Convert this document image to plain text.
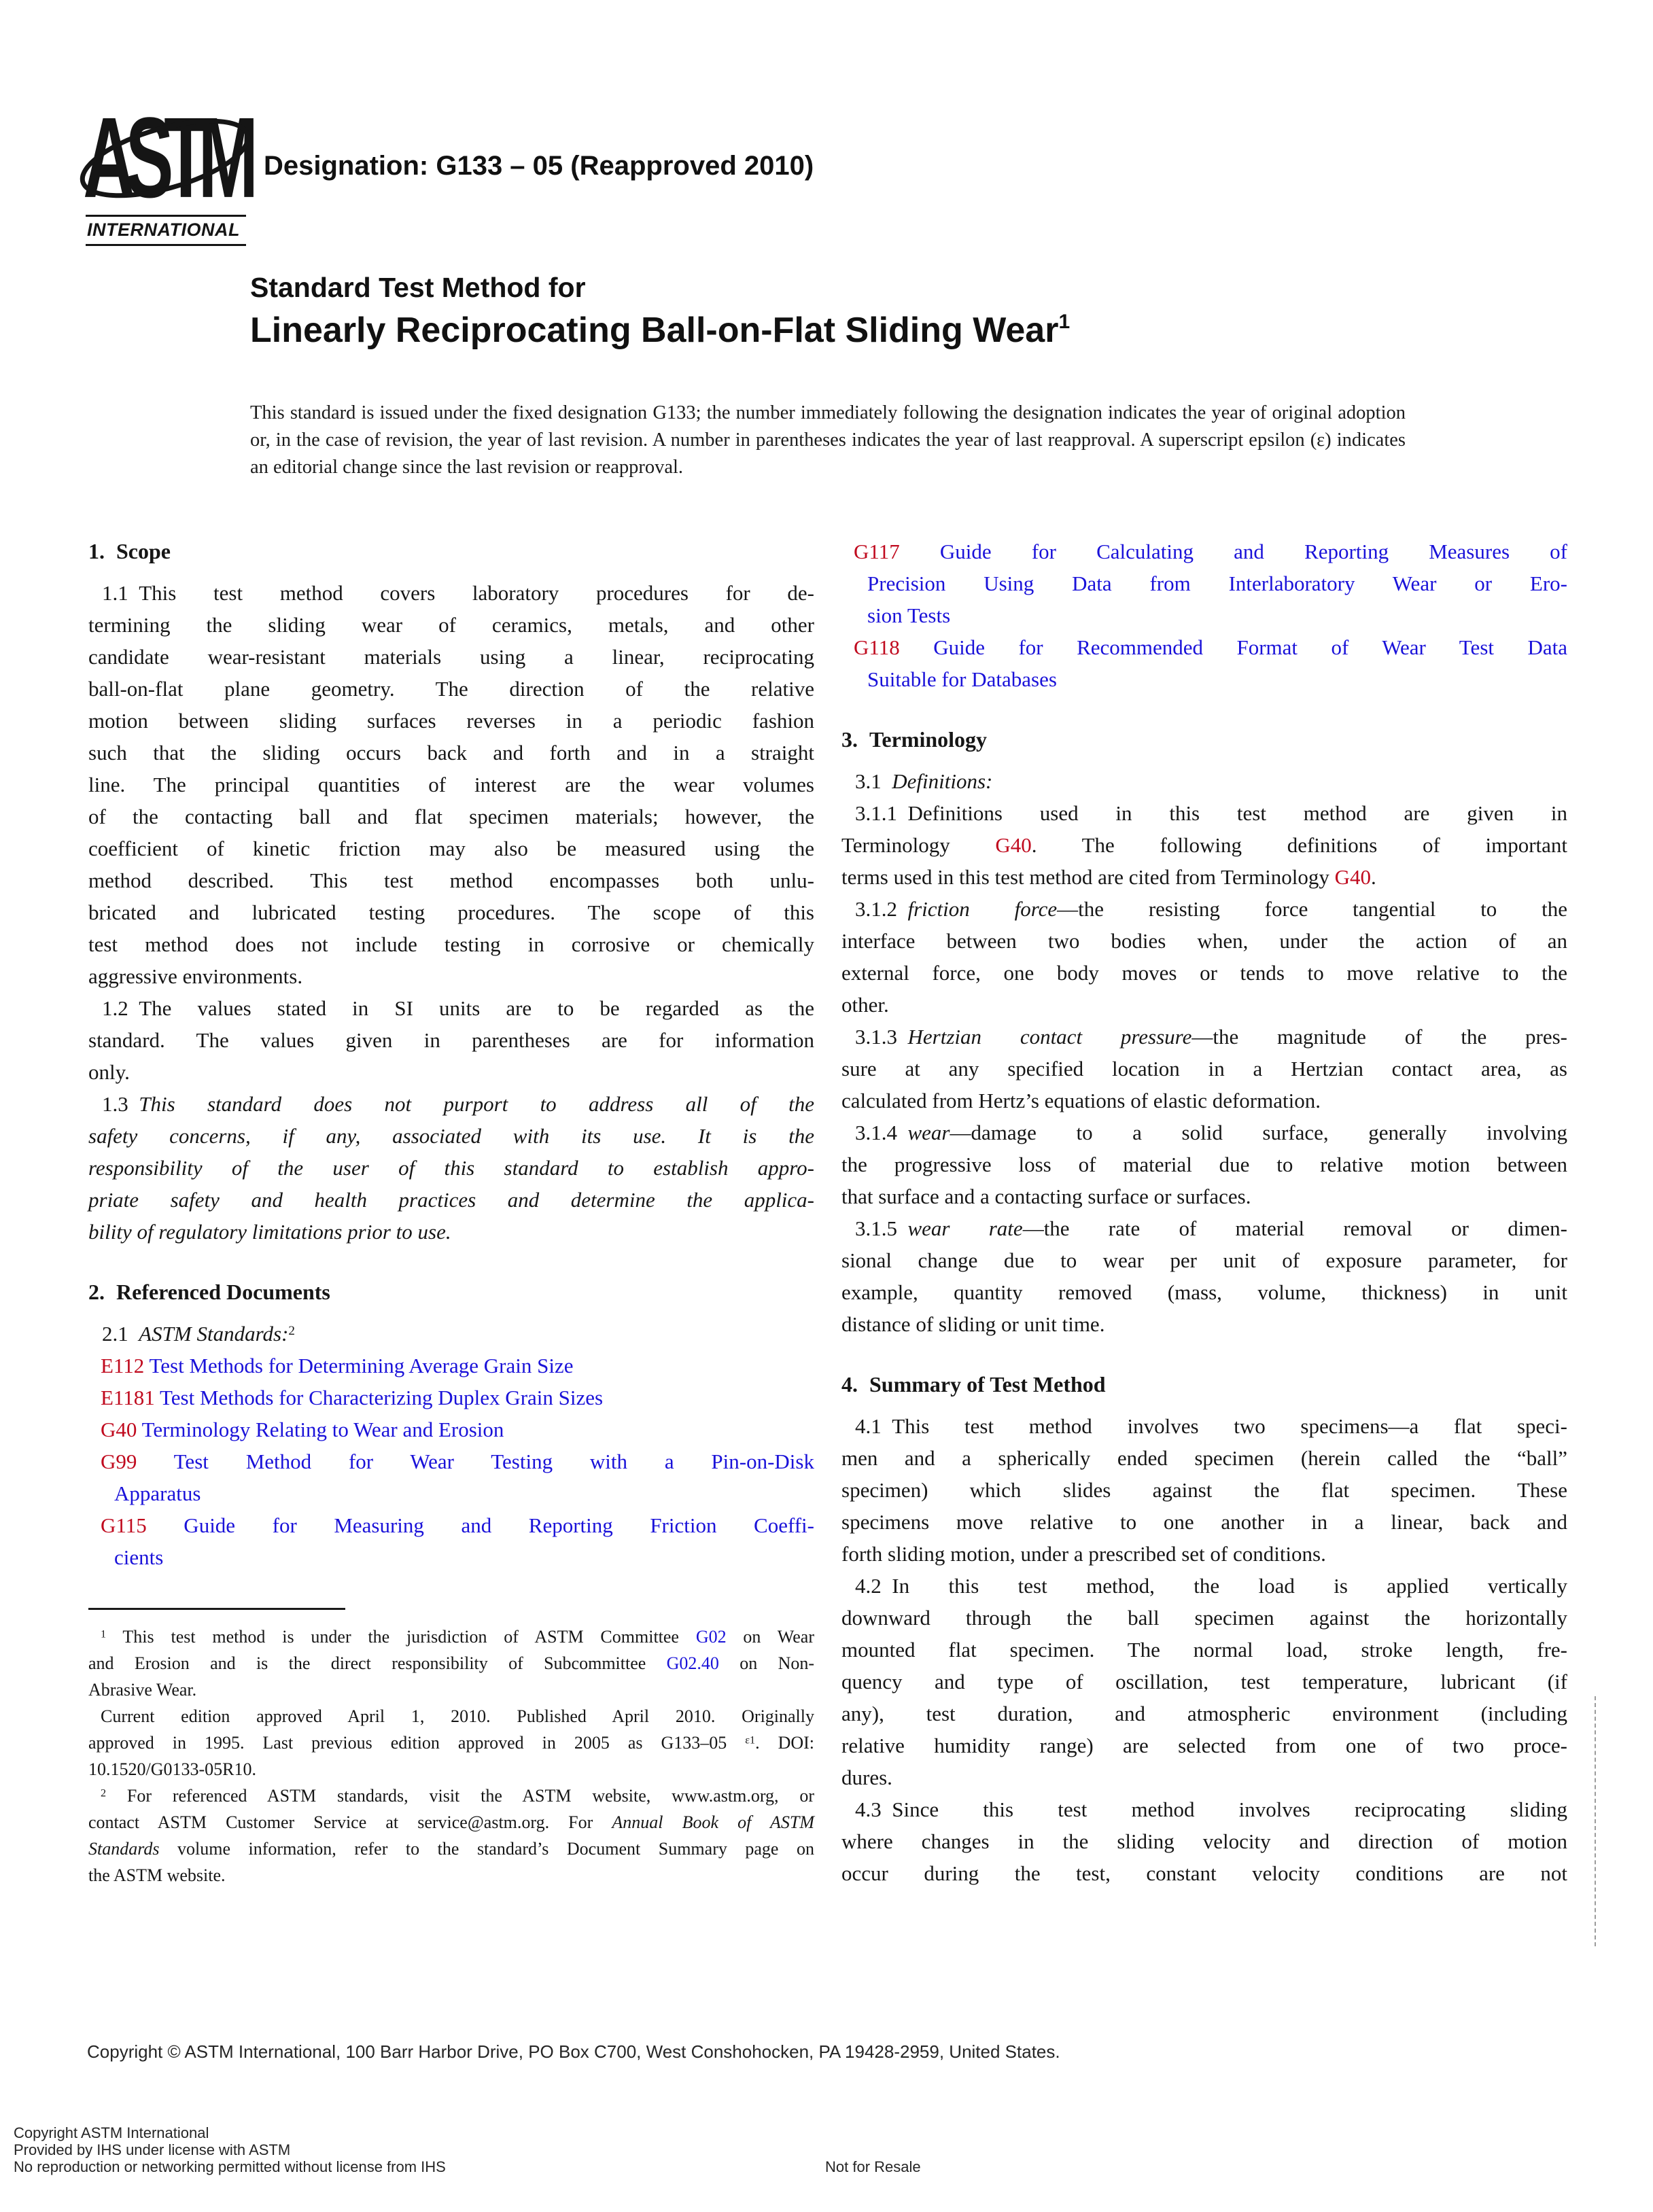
ASTM
INTERNATIONAL
Designation: G133 – 05 (Reapproved 2010)
Standard Test Method for
Linearly Reciprocating Ball-on-Flat Sliding Wear$^1$

This standard is issued under the fixed designation G133; the number immediately following the designation indicates the year of original adoption or, in the case of revision, the year of last revision. A number in parentheses indicates the year of last reapproval. A superscript epsilon (ε) indicates an editorial change since the last revision or reapproval.

1. Scope
1.1 This test method covers laboratory procedures for de-
termining the sliding wear of ceramics, metals, and other
candidate wear-resistant materials using a linear, reciprocating
ball-on-flat plane geometry. The direction of the relative
motion between sliding surfaces reverses in a periodic fashion
such that the sliding occurs back and forth and in a straight
line. The principal quantities of interest are the wear volumes
of the contacting ball and flat specimen materials; however, the
coefficient of kinetic friction may also be measured using the
method described. This test method encompasses both unlu-
bricated and lubricated testing procedures. The scope of this
test method does not include testing in corrosive or chemically
aggressive environments.
1.2 The values stated in SI units are to be regarded as the
standard. The values given in parentheses are for information
only.
1.3 This standard does not purport to address all of the
safety concerns, if any, associated with its use. It is the
responsibility of the user of this standard to establish appro-
priate safety and health practices and determine the applica-
bility of regulatory limitations prior to use.
2. Referenced Documents
2.1 ASTM Standards:$^2$
E112 Test Methods for Determining Average Grain Size
E1181 Test Methods for Characterizing Duplex Grain Sizes
G40 Terminology Relating to Wear and Erosion
G99 Test Method for Wear Testing with a Pin-on-Disk
Apparatus
G115 Guide for Measuring and Reporting Friction Coeffi-
cients
G117 Guide for Calculating and Reporting Measures of
Precision Using Data from Interlaboratory Wear or Ero-
sion Tests
G118 Guide for Recommended Format of Wear Test Data
Suitable for Databases
3. Terminology
3.1 Definitions:
3.1.1 Definitions used in this test method are given in
Terminology G40. The following definitions of important
terms used in this test method are cited from Terminology G40.
3.1.2 friction force—the resisting force tangential to the
interface between two bodies when, under the action of an
external force, one body moves or tends to move relative to the
other.
3.1.3 Hertzian contact pressure—the magnitude of the pres-
sure at any specified location in a Hertzian contact area, as
calculated from Hertz’s equations of elastic deformation.
3.1.4 wear—damage to a solid surface, generally involving
the progressive loss of material due to relative motion between
that surface and a contacting surface or surfaces.
3.1.5 wear rate—the rate of material removal or dimen-
sional change due to wear per unit of exposure parameter, for
example, quantity removed (mass, volume, thickness) in unit
distance of sliding or unit time.
4. Summary of Test Method
4.1 This test method involves two specimens—a flat speci-
men and a spherically ended specimen (herein called the “ball”
specimen) which slides against the flat specimen. These
specimens move relative to one another in a linear, back and
forth sliding motion, under a prescribed set of conditions.
4.2 In this test method, the load is applied vertically
downward through the ball specimen against the horizontally
mounted flat specimen. The normal load, stroke length, fre-
quency and type of oscillation, test temperature, lubricant (if
any), test duration, and atmospheric environment (including
relative humidity range) are selected from one of two proce-
dures.
4.3 Since this test method involves reciprocating sliding
where changes in the sliding velocity and direction of motion
occur during the test, constant velocity conditions are not
$^1$ This test method is under the jurisdiction of ASTM Committee G02 on Wear
and Erosion and is the direct responsibility of Subcommittee G02.40 on Non-
Abrasive Wear.
Current edition approved April 1, 2010. Published April 2010. Originally
approved in 1995. Last previous edition approved in 2005 as G133–05 $^{\varepsilon 1}$. DOI:
10.1520/G0133-05R10.
$^2$ For referenced ASTM standards, visit the ASTM website, www.astm.org, or
contact ASTM Customer Service at service@astm.org. For Annual Book of ASTM
Standards volume information, refer to the standard’s Document Summary page on
the ASTM website.
Copyright © ASTM International, 100 Barr Harbor Drive, PO Box C700, West Conshohocken, PA 19428-2959, United States.
Copyright ASTM International
Provided by IHS under license with ASTM
No reproduction or networking permitted without license from IHS	Not for Resale
